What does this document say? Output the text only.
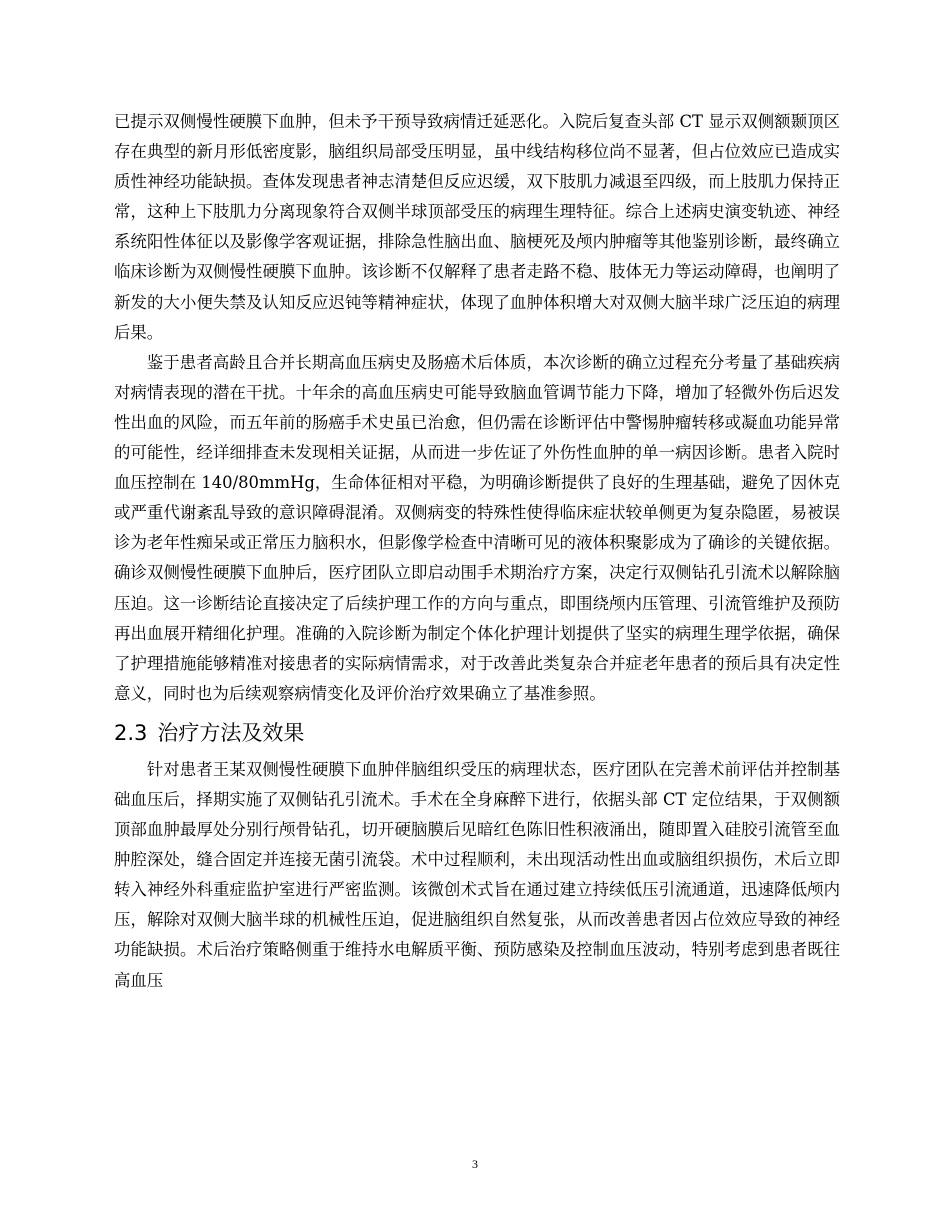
已提示双侧慢性硬膜下血肿，但未予干预导致病情迁延恶化。入院后复查头部 CT 显示双侧额颞顶区存在典型的新月形低密度影，脑组织局部受压明显，虽中线结构移位尚不显著，但占位效应已造成实质性神经功能缺损。查体发现患者神志清楚但反应迟缓，双下肢肌力减退至四级，而上肢肌力保持正常，这种上下肢肌力分离现象符合双侧半球顶部受压的病理生理特征。综合上述病史演变轨迹、神经系统阳性体征以及影像学客观证据，排除急性脑出血、脑梗死及颅内肿瘤等其他鉴别诊断，最终确立临床诊断为双侧慢性硬膜下血肿。该诊断不仅解释了患者走路不稳、肢体无力等运动障碍，也阐明了新发的大小便失禁及认知反应迟钝等精神症状，体现了血肿体积增大对双侧大脑半球广泛压迫的病理后果。

鉴于患者高龄且合并长期高血压病史及肠癌术后体质，本次诊断的确立过程充分考量了基础疾病对病情表现的潜在干扰。十年余的高血压病史可能导致脑血管调节能力下降，增加了轻微外伤后迟发性出血的风险，而五年前的肠癌手术史虽已治愈，但仍需在诊断评估中警惕肿瘤转移或凝血功能异常的可能性，经详细排查未发现相关证据，从而进一步佐证了外伤性血肿的单一病因诊断。患者入院时血压控制在 140/80mmHg，生命体征相对平稳，为明确诊断提供了良好的生理基础，避免了因休克或严重代谢紊乱导致的意识障碍混淆。双侧病变的特殊性使得临床症状较单侧更为复杂隐匿，易被误诊为老年性痴呆或正常压力脑积水，但影像学检查中清晰可见的液体积聚影成为了确诊的关键依据。确诊双侧慢性硬膜下血肿后，医疗团队立即启动围手术期治疗方案，决定行双侧钻孔引流术以解除脑压迫。这一诊断结论直接决定了后续护理工作的方向与重点，即围绕颅内压管理、引流管维护及预防再出血展开精细化护理。准确的入院诊断为制定个体化护理计划提供了坚实的病理生理学依据，确保了护理措施能够精准对接患者的实际病情需求，对于改善此类复杂合并症老年患者的预后具有决定性意义，同时也为后续观察病情变化及评价治疗效果确立了基准参照。

2.3 治疗方法及效果

针对患者王某双侧慢性硬膜下血肿伴脑组织受压的病理状态，医疗团队在完善术前评估并控制基础血压后，择期实施了双侧钻孔引流术。手术在全身麻醉下进行，依据头部 CT 定位结果，于双侧额顶部血肿最厚处分别行颅骨钻孔，切开硬脑膜后见暗红色陈旧性积液涌出，随即置入硅胶引流管至血肿腔深处，缝合固定并连接无菌引流袋。术中过程顺利，未出现活动性出血或脑组织损伤，术后立即转入神经外科重症监护室进行严密监测。该微创术式旨在通过建立持续低压引流通道，迅速降低颅内压，解除对双侧大脑半球的机械性压迫，促进脑组织自然复张，从而改善患者因占位效应导致的神经功能缺损。术后治疗策略侧重于维持水电解质平衡、预防感染及控制血压波动，特别考虑到患者既往高血压

3
